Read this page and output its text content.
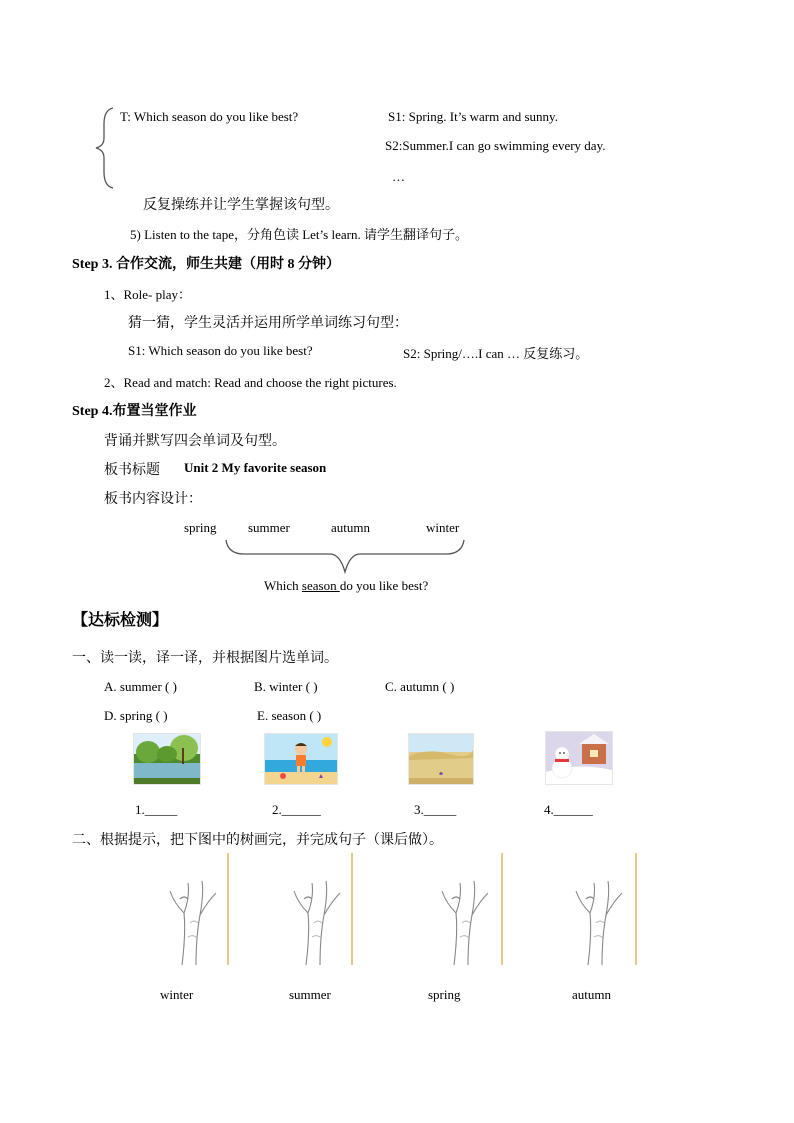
T: Which season do you like best?	S1: Spring. It’s warm and sunny.
S2:Summer.I can go swimming every day.
…
反复操练并让学生掌握该句型。
5) Listen to the tape，分角色读 Let’s learn. 请学生翻译句子。
Step 3. 合作交流，师生共建（用时 8 分钟）
1、Role- play：
猜一猜，学生灵活并运用所学单词练习句型：
S1: Which season do you like best?	S2: Spring/….I can … 反复练习。
2、Read and match: Read and choose the right pictures.
Step 4.布置当堂作业
背诵并默写四会单词及句型。
板书标题 Unit 2 My favorite season
板书内容设计：
spring summer	autumn	winter
Which season do you like best?
【达标检测】
一、读一读，译一译，并根据图片选单词。
A. summer ( )	B. winter ( )	C. autumn ( )
D. spring ( )	E. season ( )
1._____	2.______	3._____	4.______
二、根据提示，把下图中的树画完，并完成句子（课后做）。
winter	summer	spring	autumn
